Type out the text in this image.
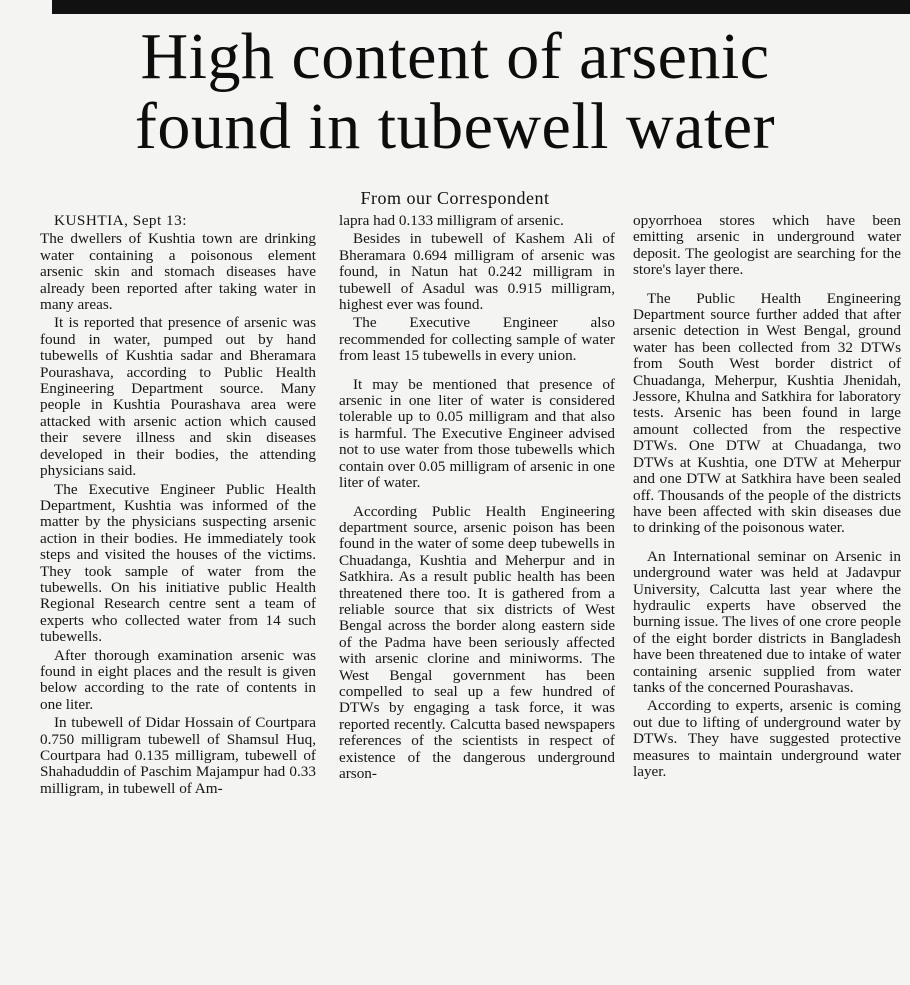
High content of arsenic
found in tubewell water
From our Correspondent

KUSHTIA, Sept 13:

The dwellers of Kushtia town are drinking water containing a poisonous element arsenic skin and stomach diseases have already been reported after taking water in many areas.

It is reported that presence of arsenic was found in water, pumped out by hand tubewells of Kushtia sadar and Bheramara Pourashava, according to Public Health Engineering Department source. Many people in Kushtia Pourashava area were attacked with arsenic action which caused their severe illness and skin diseases developed in their bodies, the attending physicians said.

The Executive Engineer Public Health Department, Kushtia was informed of the matter by the physicians suspecting arsenic action in their bodies. He immediately took steps and visited the houses of the victims. They took sample of water from the tubewells. On his initiative public Health Regional Research centre sent a team of experts who collected water from 14 such tubewells.

After thorough examination arsenic was found in eight places and the result is given below according to the rate of contents in one liter.

In tubewell of Didar Hossain of Courtpara 0.750 milligram tubewell of Shamsul Huq, Courtpara had 0.135 milligram, tubewell of Shahaduddin of Paschim Majampur had 0.33 milligram, in tubewell of Am-

lapra had 0.133 milligram of arsenic.

Besides in tubewell of Kashem Ali of Bheramara 0.694 milligram of arsenic was found, in Natun hat 0.242 milligram in tubewell of Asadul was 0.915 milligram, highest ever was found.

The Executive Engineer also recommended for collecting sample of water from least 15 tubewells in every union.

It may be mentioned that presence of arsenic in one liter of water is considered tolerable up to 0.05 milligram and that also is harmful. The Executive Engineer advised not to use water from those tubewells which contain over 0.05 milligram of arsenic in one liter of water.

According Public Health Engineering department source, arsenic poison has been found in the water of some deep tubewells in Chuadanga, Kushtia and Meherpur and in Satkhira. As a result public health has been threatened there too. It is gathered from a reliable source that six districts of West Bengal across the border along eastern side of the Padma have been seriously affected with arsenic clorine and miniworms. The West Bengal government has been compelled to seal up a few hundred of DTWs by engaging a task force, it was reported recently. Calcutta based newspapers references of the scientists in respect of existence of the dangerous underground arson-

opyorrhoea stores which have been emitting arsenic in underground water deposit. The geologist are searching for the store's layer there.

The Public Health Engineering Department source further added that after arsenic detection in West Bengal, ground water has been collected from 32 DTWs from South West border district of Chuadanga, Meherpur, Kushtia Jhenidah, Jessore, Khulna and Satkhira for laboratory tests. Arsenic has been found in large amount collected from the respective DTWs. One DTW at Chuadanga, two DTWs at Kushtia, one DTW at Meherpur and one DTW at Satkhira have been sealed off. Thousands of the people of the districts have been affected with skin diseases due to drinking of the poisonous water.

An International seminar on Arsenic in underground water was held at Jadavpur University, Calcutta last year where the hydraulic experts have observed the burning issue. The lives of one crore people of the eight border districts in Bangladesh have been threatened due to intake of water containing arsenic supplied from water tanks of the concerned Pourashavas.

According to experts, arsenic is coming out due to lifting of underground water by DTWs. They have suggested protective measures to maintain underground water layer.
